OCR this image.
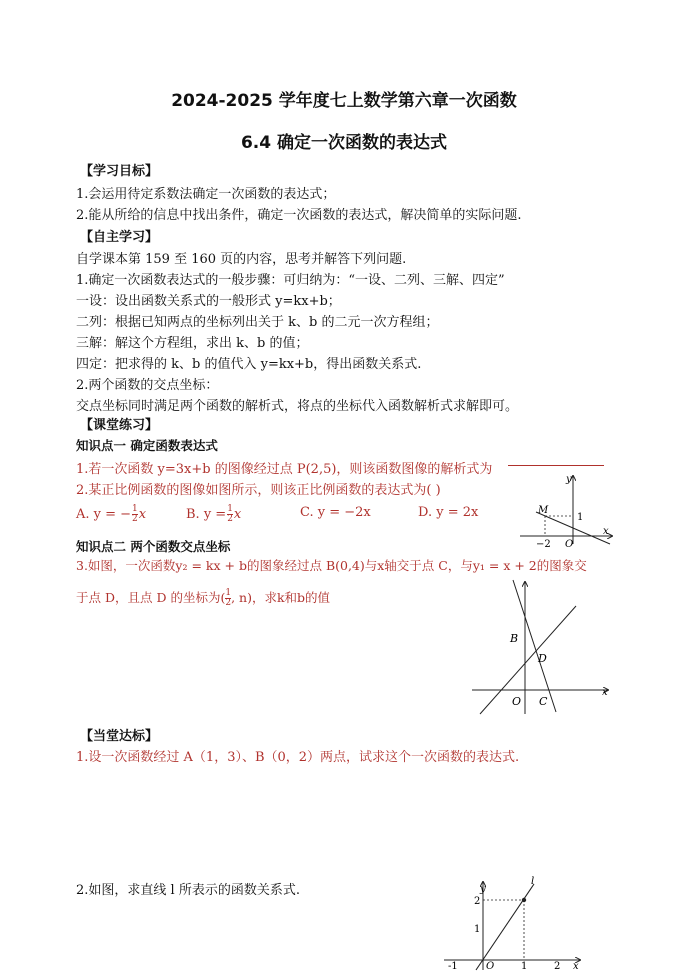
2024-2025 学年度七上数学第六章一次函数
6.4 确定一次函数的表达式
【学习目标】
1.会运用待定系数法确定一次函数的表达式；
2.能从所给的信息中找出条件，确定一次函数的表达式，解决简单的实际问题.
【自主学习】
自学课本第 159 至 160 页的内容，思考并解答下列问题.
1.确定一次函数表达式的一般步骤：可归纳为：“一设、二列、三解、四定”
一设：设出函数关系式的一般形式 y=kx+b；
二列：根据已知两点的坐标列出关于 k、b 的二元一次方程组；
三解：解这个方程组，求出 k、b 的值；
四定：把求得的 k、b 的值代入 y=kx+b，得出函数关系式.
2.两个函数的交点坐标：
交点坐标同时满足两个函数的解析式，将点的坐标代入函数解析式求解即可。
【课堂练习】
知识点一 确定函数表达式
1.若一次函数 y=3x+b 的图像经过点 P(2,5)，则该函数图像的解析式为
2.某正比例函数的图像如图所示，则该正比例函数的表达式为( )
A. y = − $\frac{1}{2}$ x	B. $y = \frac{1}{2}$ x	C. y = −2x	D. y = 2x
y
M
1
−2 O
x
知识点二 两个函数交点坐标
3.如图，一次函数y₂ = kx + b的图象经过点 B(0,4)与x轴交于点 C，与y₁ = x + 2的图象交
于点 D，且点 D 的坐标为( $\frac{1}{2}$ , n)，求k和b的值
B
D
O C
x
【当堂达标】
1.设一次函数经过 A（1，3）、B（0，2）两点，试求这个一次函数的表达式.
2.如图，求直线 l 所表示的函数关系式.	y
l
2
1
-1	O	1	2 x
